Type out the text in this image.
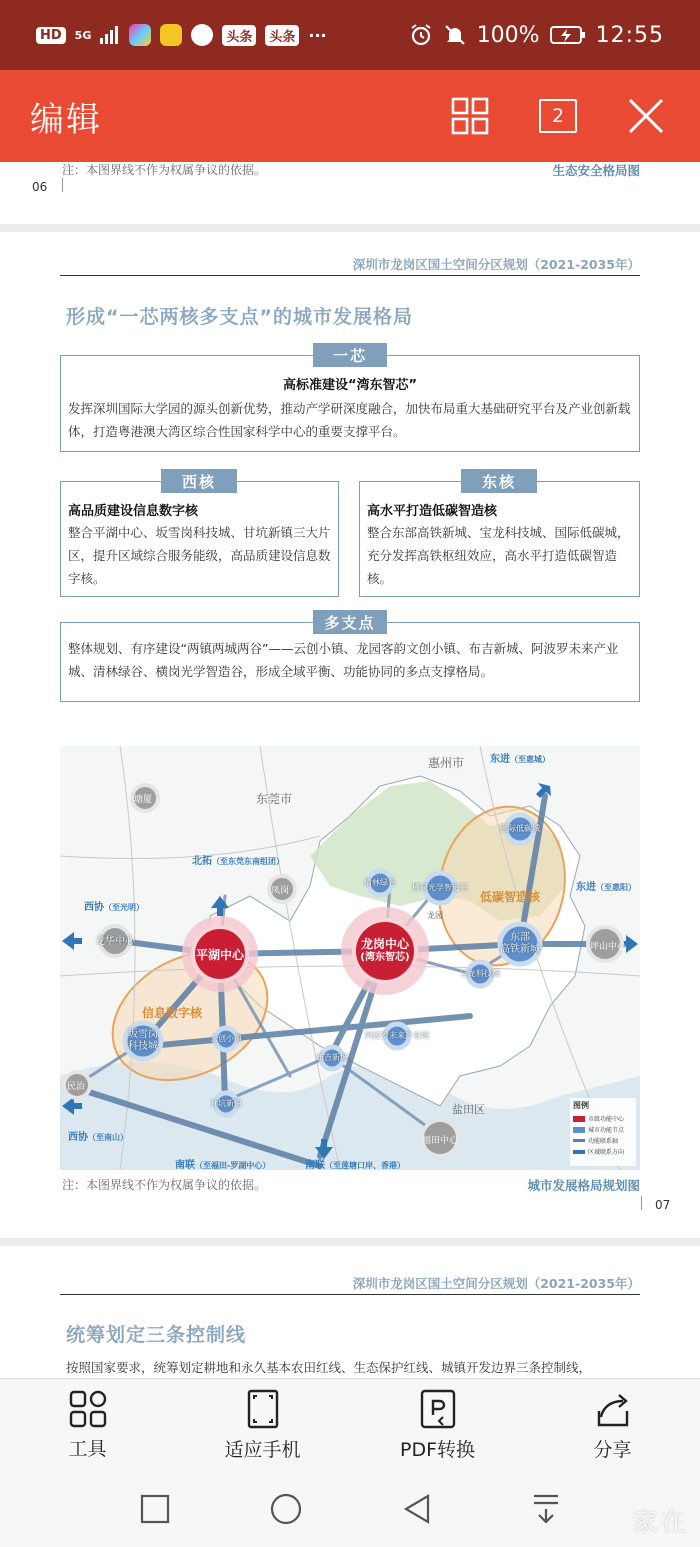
HD	5G	头条	头条 ···	100%	12:55
编辑	2
注：本图界线不作为权属争议的依据。	生态安全格局图
06
深圳市龙岗区国土空间分区规划（2021-2035年）
形成“一芯两核多支点”的城市发展格局
高标准建设“湾东智芯”
发挥深圳国际大学园的源头创新优势，推动产学研深度融合，加快布局重大基础研究平台及产业创新载体，打造粤港澳大湾区综合性国家科学中心的重要支撑平台。
一芯
高品质建设信息数字核
整合平湖中心、坂雪岗科技城、甘坑新镇三大片区，提升区域综合服务能级，高品质建设信息数字核。
西核
高水平打造低碳智造核
整合东部高铁新城、宝龙科技城、国际低碳城，充分发挥高铁枢纽效应，高水平打造低碳智造核。
东核
整体规划、有序建设“两镇两城两谷”——云创小镇、龙园客韵文创小镇、布吉新城、阿波罗未来产业城、清林绿谷、横岗光学智造谷，形成全域平衡、功能协同的多点支撑格局。
多支点
惠州市
东莞市
盐田区
塘厦
凤岗
民治
坪山中心
福田中心
东进（至惠城）
东进（至惠阳）
北拓（至东莞东南组团）
西协（至光明）
西协（至南山）
南联（至福田-罗湖中心）	南联（至莲塘口岸、香港）
龙岗中心
(湾东智芯)
平湖中心
龙华中心
坂雪岗
科技城
云创小镇
甘坑新镇
清林绿谷
国际低碳城
横岗光学智造谷
布吉新城
阿波罗未来产业城
宝龙科技城
东部
高铁新城
龙园
信息数字核
低碳智造核
图例
市级功能中心
城市功能节点
功能联系轴
区域联系方向
注：本图界线不作为权属争议的依据。	城市发展格局规划图
07
深圳市龙岗区国土空间分区规划（2021-2035年）
统筹划定三条控制线
按照国家要求，统筹划定耕地和永久基本农田红线、生态保护红线、城镇开发边界三条控制线，
工具	适应手机	PDF转换	分享
家在
